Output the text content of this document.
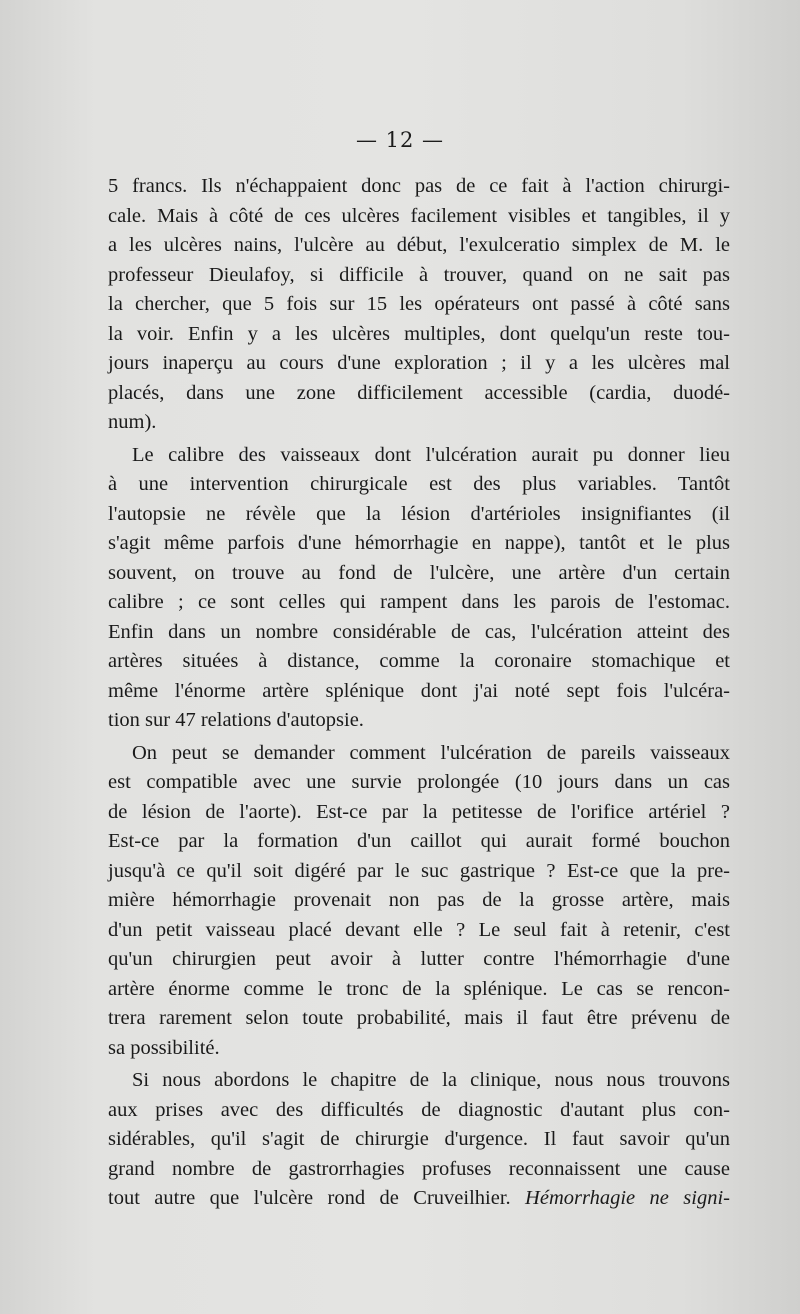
— 12 —
5 francs. Ils n'échappaient donc pas de ce fait à l'action chirurgi-
cale. Mais à côté de ces ulcères facilement visibles et tangibles, il y
a les ulcères nains, l'ulcère au début, l'exulceratio simplex de M. le
professeur Dieulafoy, si difficile à trouver, quand on ne sait pas
la chercher, que 5 fois sur 15 les opérateurs ont passé à côté sans
la voir. Enfin y a les ulcères multiples, dont quelqu'un reste tou-
jours inaperçu au cours d'une exploration ; il y a les ulcères mal
placés, dans une zone difficilement accessible (cardia, duodé-
num).
Le calibre des vaisseaux dont l'ulcération aurait pu donner lieu
à une intervention chirurgicale est des plus variables. Tantôt
l'autopsie ne révèle que la lésion d'artérioles insignifiantes (il
s'agit même parfois d'une hémorrhagie en nappe), tantôt et le plus
souvent, on trouve au fond de l'ulcère, une artère d'un certain
calibre ; ce sont celles qui rampent dans les parois de l'estomac.
Enfin dans un nombre considérable de cas, l'ulcération atteint des
artères situées à distance, comme la coronaire stomachique et
même l'énorme artère splénique dont j'ai noté sept fois l'ulcéra-
tion sur 47 relations d'autopsie.
On peut se demander comment l'ulcération de pareils vaisseaux
est compatible avec une survie prolongée (10 jours dans un cas
de lésion de l'aorte). Est-ce par la petitesse de l'orifice artériel ?
Est-ce par la formation d'un caillot qui aurait formé bouchon
jusqu'à ce qu'il soit digéré par le suc gastrique ? Est-ce que la pre-
mière hémorrhagie provenait non pas de la grosse artère, mais
d'un petit vaisseau placé devant elle ? Le seul fait à retenir, c'est
qu'un chirurgien peut avoir à lutter contre l'hémorrhagie d'une
artère énorme comme le tronc de la splénique. Le cas se rencon-
trera rarement selon toute probabilité, mais il faut être prévenu de
sa possibilité.
Si nous abordons le chapitre de la clinique, nous nous trouvons
aux prises avec des difficultés de diagnostic d'autant plus con-
sidérables, qu'il s'agit de chirurgie d'urgence. Il faut savoir qu'un
grand nombre de gastrorrhagies profuses reconnaissent une cause
tout autre que l'ulcère rond de Cruveilhier. Hémorrhagie ne signi-
